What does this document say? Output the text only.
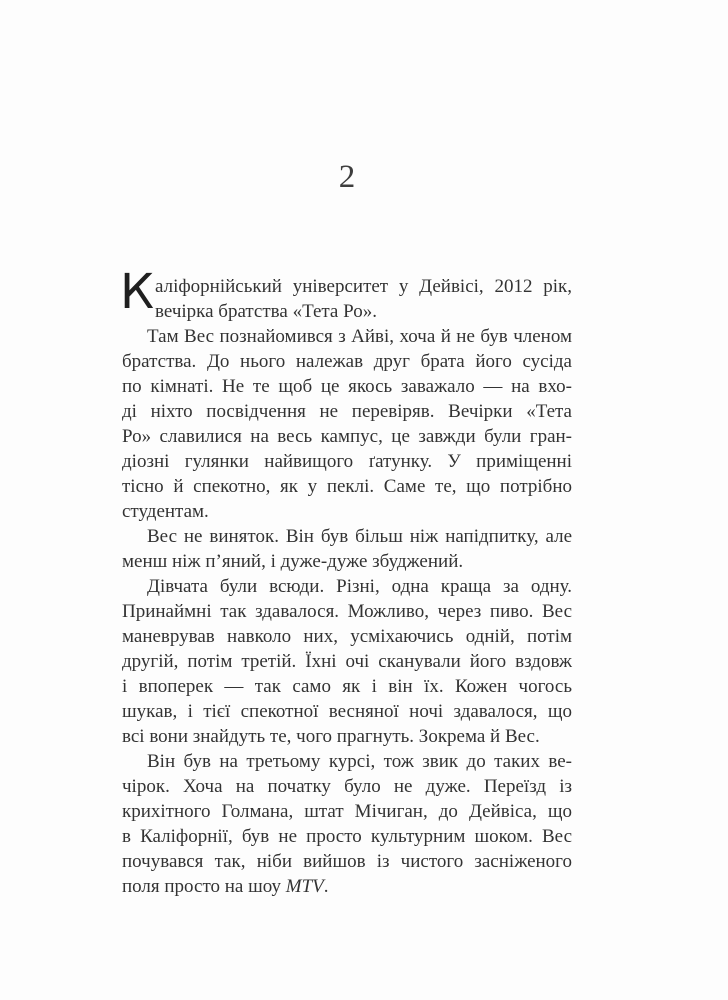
2
К аліфорнійський університет у Дейвісі, 2012 рік,
вечірка братства «Тета Ро».
Там Вес познайомився з Айві, хоча й не був членом
братства. До нього належав друг брата його сусіда
по кімнаті. Не те щоб це якось заважало — на вхо-
ді ніхто посвідчення не перевіряв. Вечірки «Тета
Ро» славилися на весь кампус, це завжди були гран-
діозні гулянки найвищого ґатунку. У приміщенні
тісно й спекотно, як у пеклі. Саме те, що потрібно
студентам.
Вес не виняток. Він був більш ніж напідпитку, але
менш ніж п’яний, і дуже-дуже збуджений.
Дівчата були всюди. Різні, одна краща за одну.
Принаймні так здавалося. Можливо, через пиво. Вес
маневрував навколо них, усміхаючись одній, потім
другій, потім третій. Їхні очі сканували його вздовж
і впоперек — так само як і він їх. Кожен чогось
шукав, і тієї спекотної весняної ночі здавалося, що
всі вони знайдуть те, чого прагнуть. Зокрема й Вес.
Він був на третьому курсі, тож звик до таких ве-
чірок. Хоча на початку було не дуже. Переїзд із
крихітного Голмана, штат Мічиган, до Дейвіса, що
в Каліфорнії, був не просто культурним шоком. Вес
почувався так, ніби вийшов із чистого засніженого
поля просто на шоу MTV.
